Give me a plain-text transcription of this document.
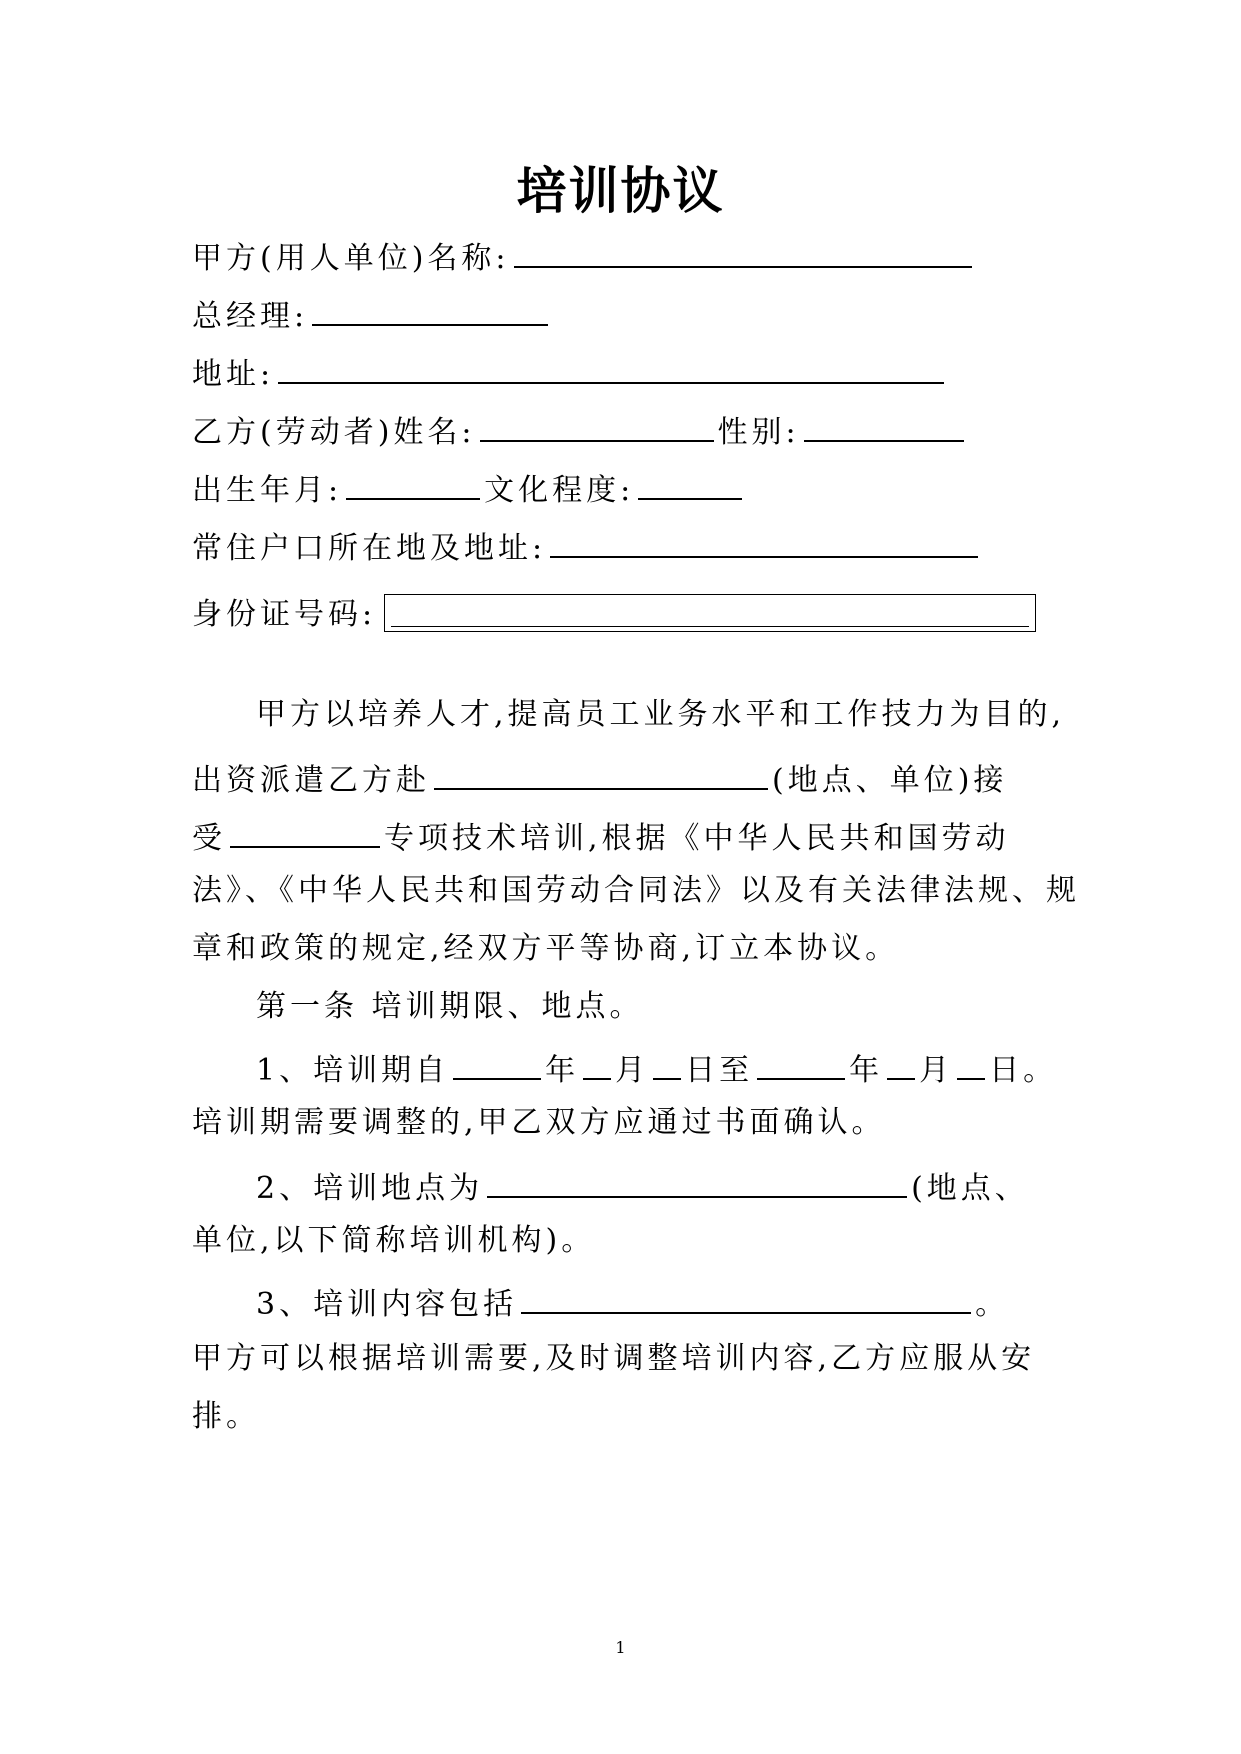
培训协议
甲方(用人单位)名称:
总经理:
地址:
乙方(劳动者)姓名:	性别:
出生年月:	文化程度:
常住户口所在地及地址:
身份证号码:
甲方以培养人才,提高员工业务水平和工作技力为目的,
出资派遣乙方赴	(地点、单位)接
受	专项技术培训,根据《中华人民共和国劳动
法》、《中华人民共和国劳动合同法》以及有关法律法规、规
章和政策的规定,经双方平等协商,订立本协议。
第一条 培训期限、地点。
1、培训期自	年 月 日至	年 月 日。
培训期需要调整的,甲乙双方应通过书面确认。
2、培训地点为	(地点、
单位,以下简称培训机构)。
3、培训内容包括	。
甲方可以根据培训需要,及时调整培训内容,乙方应服从安
排。
1
